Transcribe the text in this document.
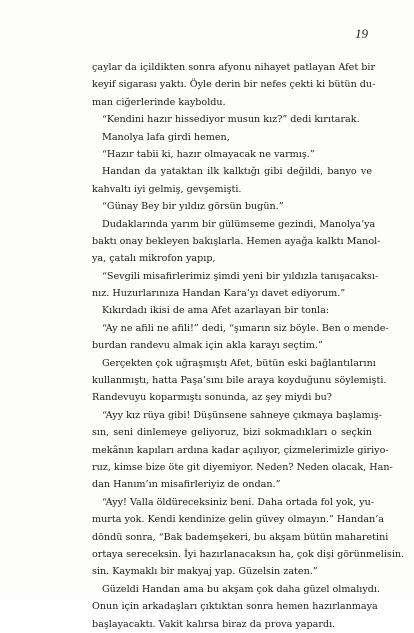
19
çaylar da içildikten sonra afyonu nihayet patlayan Afet bir
keyif sigarası yaktı. Öyle derin bir nefes çekti ki bütün du-
man ciğerlerinde kayboldu.
“Kendini hazır hissediyor musun kız?” dedi kırıtarak.
Manolya lafa girdi hemen,
“Hazır tabii ki, hazır olmayacak ne varmış.”
Handan da yataktan ilk kalktığı gibi değildi, banyo ve
kahvaltı iyi gelmiş, gevşemişti.
“Günay Bey bir yıldız görsün bugün.”
Dudaklarında yarım bir gülümseme gezindi, Manolya’ya
baktı onay bekleyen bakışlarla. Hemen ayağa kalktı Manol-
ya, çatalı mikrofon yapıp,
“Sevgili misafirlerimiz şimdi yeni bir yıldızla tanışacaksı-
nız. Huzurlarınıza Handan Kara’yı davet ediyorum.”
Kıkırdadı ikisi de ama Afet azarlayan bir tonla:
“Ay ne afili ne afili!” dedi, “şımarın siz böyle. Ben o mende-
burdan randevu almak için akla karayı seçtim.”
Gerçekten çok uğraşmıştı Afet, bütün eski bağlantılarını
kullanmıştı, hatta Paşa’sını bile araya koyduğunu söylemişti.
Randevuyu koparmıştı sonunda, az şey miydi bu?
“Ayy kız rüya gibi! Düşünsene sahneye çıkmaya başlamış-
sın, seni dinlemeye geliyoruz, bizi sokmadıkları o seçkin
mekânın kapıları ardına kadar açılıyor, çizmelerimizle giriyo-
ruz, kimse bize öte git diyemiyor. Neden? Neden olacak, Han-
dan Hanım’ın misafirleriyiz de ondan.”
“Ayy! Valla öldüreceksiniz beni. Daha ortada fol yok, yu-
murta yok. Kendi kendinize gelin güvey olmayın.” Handan’a
döndü sonra, “Bak bademşekeri, bu akşam bütün maharetini
ortaya sereceksin. İyi hazırlanacaksın ha, çok dişi görünmelisin.
sin. Kaymaklı bir makyaj yap. Güzelsin zaten.”
Güzeldi Handan ama bu akşam çok daha güzel olmalıydı.
Onun için arkadaşları çıktıktan sonra hemen hazırlanmaya
başlayacaktı. Vakit kalırsa biraz da prova yapardı.
